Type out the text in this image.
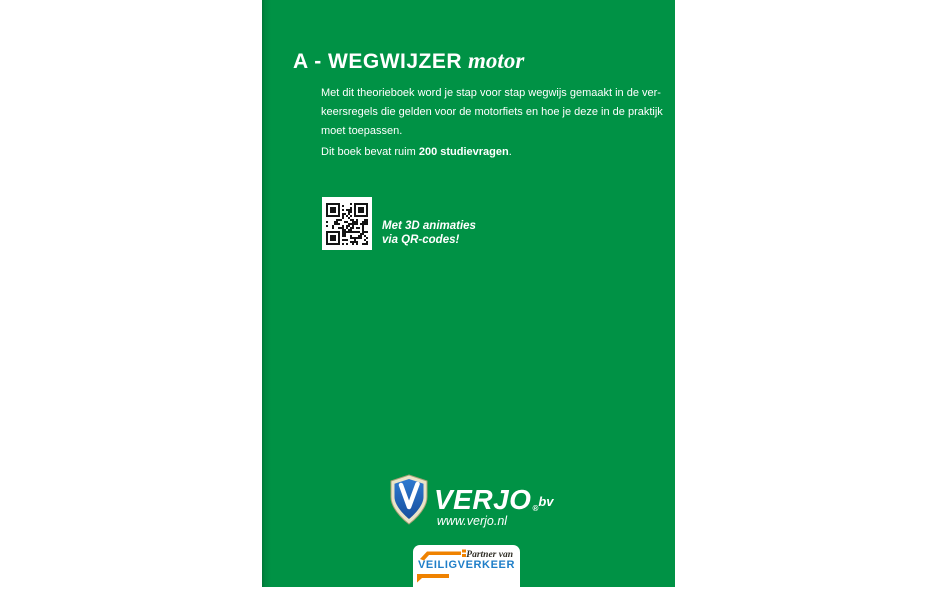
A - WEGWIJZER motor
Met dit theorieboek word je stap voor stap wegwijs gemaakt in de ver-
keersregels die gelden voor de motorfiets en hoe je deze in de praktijk
moet toepassen.
Dit boek bevat ruim 200 studievragen.
Met 3D animaties
via QR-codes!
VERJO ® bv
www.verjo.nl
Partner van
VEILIGVERKEER
